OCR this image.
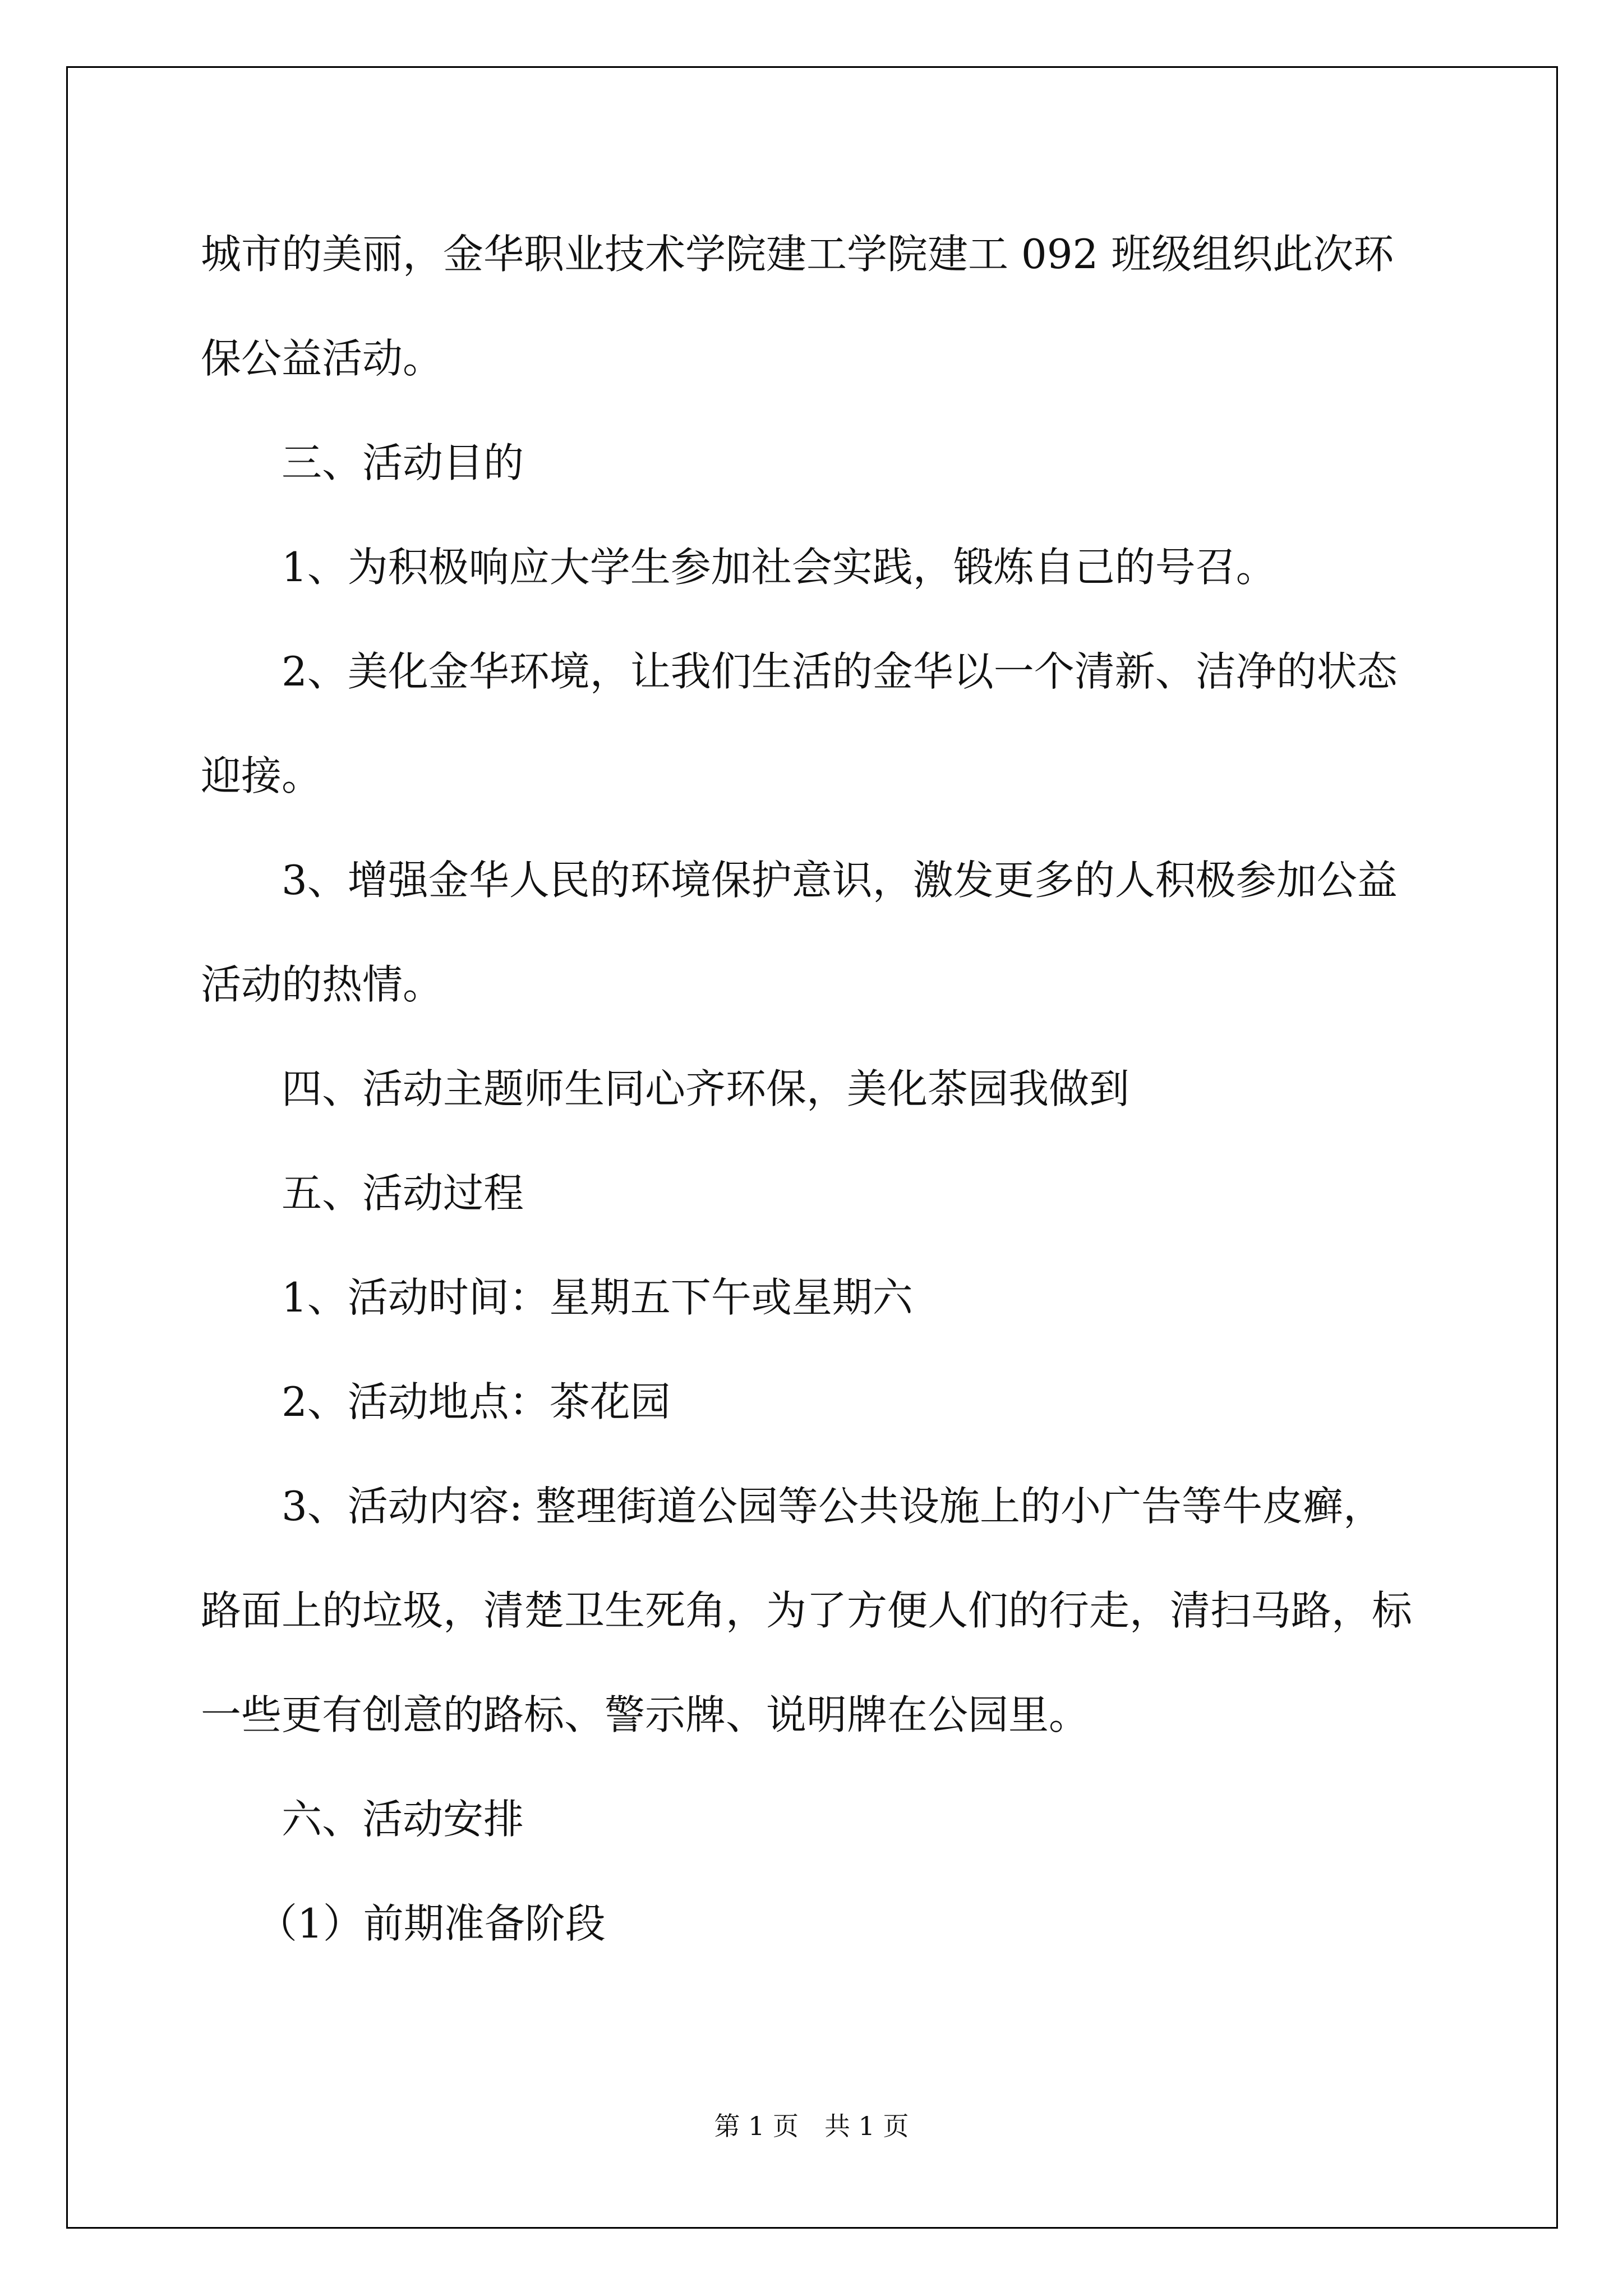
城市的美丽，金华职业技术学院建工学院建工 092 班级组织此次环保公益活动。

三、活动目的

1、为积极响应大学生参加社会实践，锻炼自己的号召。

2、美化金华环境，让我们生活的金华以一个清新、洁净的状态迎接。

3、增强金华人民的环境保护意识，激发更多的人积极参加公益活动的热情。

四、活动主题师生同心齐环保，美化茶园我做到

五、活动过程

1、活动时间：星期五下午或星期六

2、活动地点：茶花园

3、活动内容: 整理街道公园等公共设施上的小广告等牛皮癣，路面上的垃圾，清楚卫生死角，为了方便人们的行走，清扫马路，标一些更有创意的路标、警示牌、说明牌在公园里。

六、活动安排

（1）前期准备阶段

第 1 页　共 1 页
